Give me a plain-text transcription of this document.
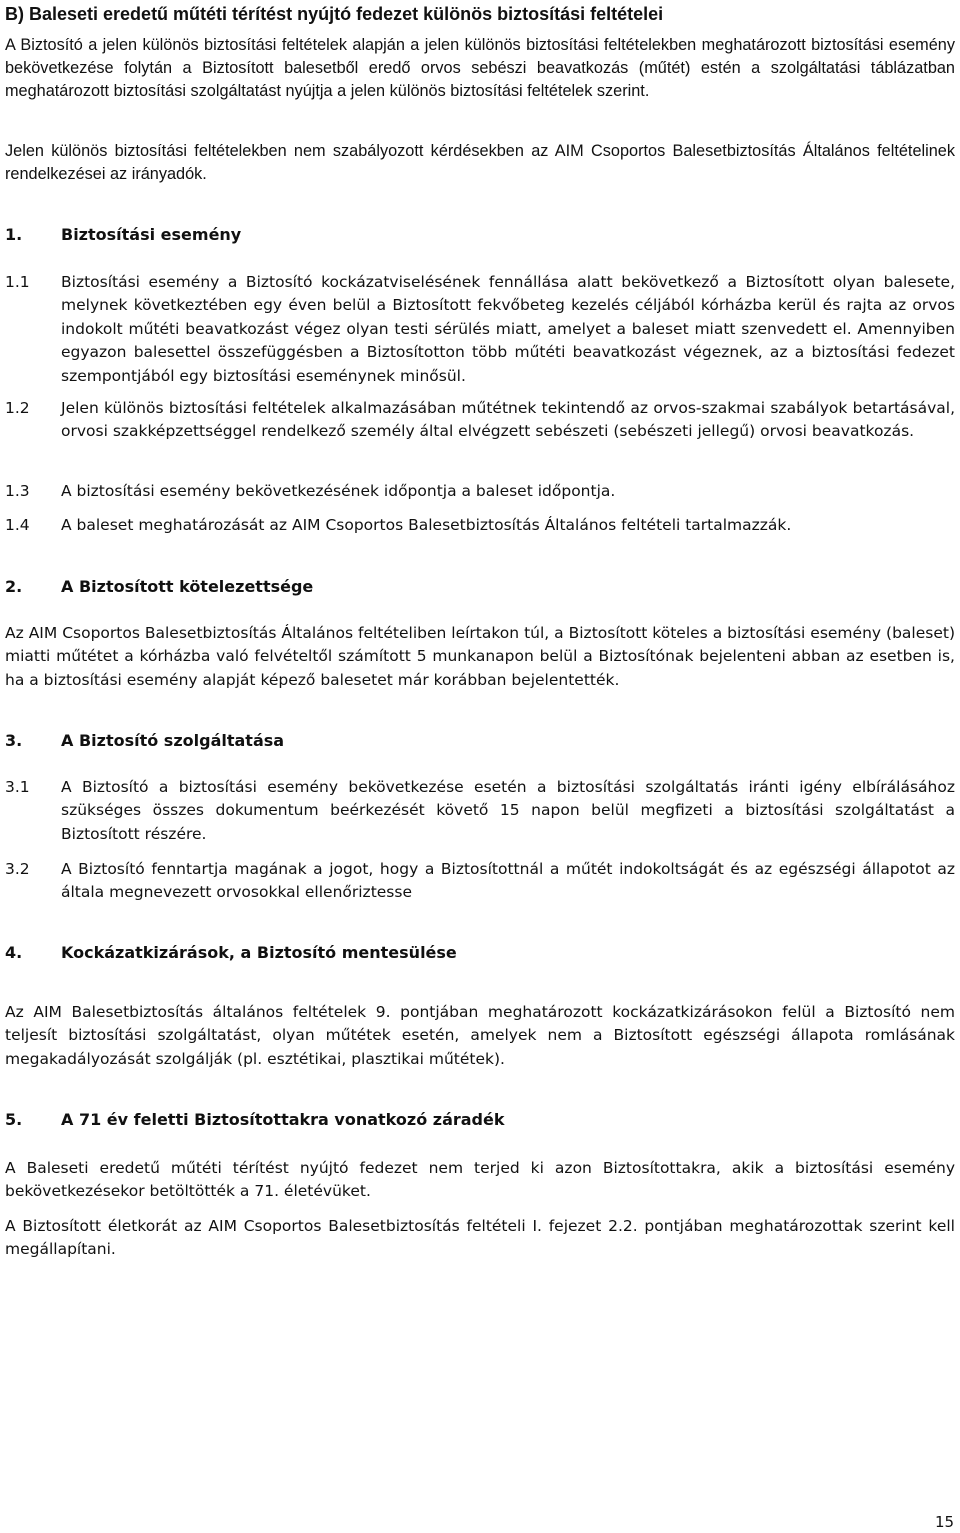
B) Baleseti eredetű műtéti térítést nyújtó fedezet különös biztosítási feltételei
A Biztosító a jelen különös biztosítási feltételek alapján a jelen különös biztosítási feltételekben meghatározott biztosítási esemény bekövetkezése folytán a Biztosított balesetből eredő orvos sebészi beavatkozás (műtét) estén a szolgáltatási táblázatban meghatározott biztosítási szolgáltatást nyújtja a jelen különös biztosítási feltételek szerint.
Jelen különös biztosítási feltételekben nem szabályozott kérdésekben az AIM Csoportos Balesetbiztosítás Általános feltételinek rendelkezései az irányadók.
1. Biztosítási esemény
1.1	Biztosítási esemény a Biztosító kockázatviselésének fennállása alatt bekövetkező a Biztosított olyan balesete, melynek következtében egy éven belül a Biztosított fekvőbeteg kezelés céljából kórházba kerül és rajta az orvos indokolt műtéti beavatkozást végez olyan testi sérülés miatt, amelyet a baleset miatt szenvedett el. Amennyiben egyazon balesettel összefüggésben a Biztosítotton több műtéti beavatkozást végeznek, az a biztosítási fedezet szempontjából egy biztosítási eseménynek minősül.
1.2	Jelen különös biztosítási feltételek alkalmazásában műtétnek tekintendő az orvos-szakmai szabályok betartásával, orvosi szakképzettséggel rendelkező személy által elvégzett sebészeti (sebészeti jellegű) orvosi beavatkozás.
1.3	A biztosítási esemény bekövetkezésének időpontja a baleset időpontja.
1.4	A baleset meghatározását az AIM Csoportos Balesetbiztosítás Általános feltételi tartalmazzák.
2. A Biztosított kötelezettsége
Az AIM Csoportos Balesetbiztosítás Általános feltételiben leírtakon túl, a Biztosított köteles a biztosítási esemény (baleset) miatti műtétet a kórházba való felvételtől számított 5 munkanapon belül a Biztosítónak bejelenteni abban az esetben is, ha a biztosítási esemény alapját képező balesetet már korábban bejelentették.
3. A Biztosító szolgáltatása
3.1	A Biztosító a biztosítási esemény bekövetkezése esetén a biztosítási szolgáltatás iránti igény elbírálásához szükséges összes dokumentum beérkezését követő 15 napon belül megfizeti a biztosítási szolgáltatást a Biztosított részére.
3.2	A Biztosító fenntartja magának a jogot, hogy a Biztosítottnál a műtét indokoltságát és az egészségi állapotot az általa megnevezett orvosokkal ellenőriztesse
4. Kockázatkizárások, a Biztosító mentesülése
Az AIM Balesetbiztosítás általános feltételek 9. pontjában meghatározott kockázatkizárásokon felül a Biztosító nem teljesít biztosítási szolgáltatást, olyan műtétek esetén, amelyek nem a Biztosított egészségi állapota romlásának megakadályozását szolgálják (pl. esztétikai, plasztikai műtétek).
5. A 71 év feletti Biztosítottakra vonatkozó záradék
A Baleseti eredetű műtéti térítést nyújtó fedezet nem terjed ki azon Biztosítottakra, akik a biztosítási esemény bekövetkezésekor betöltötték a 71. életévüket.
A Biztosított életkorát az AIM Csoportos Balesetbiztosítás feltételi I. fejezet 2.2. pontjában meghatározottak szerint kell megállapítani.
15
